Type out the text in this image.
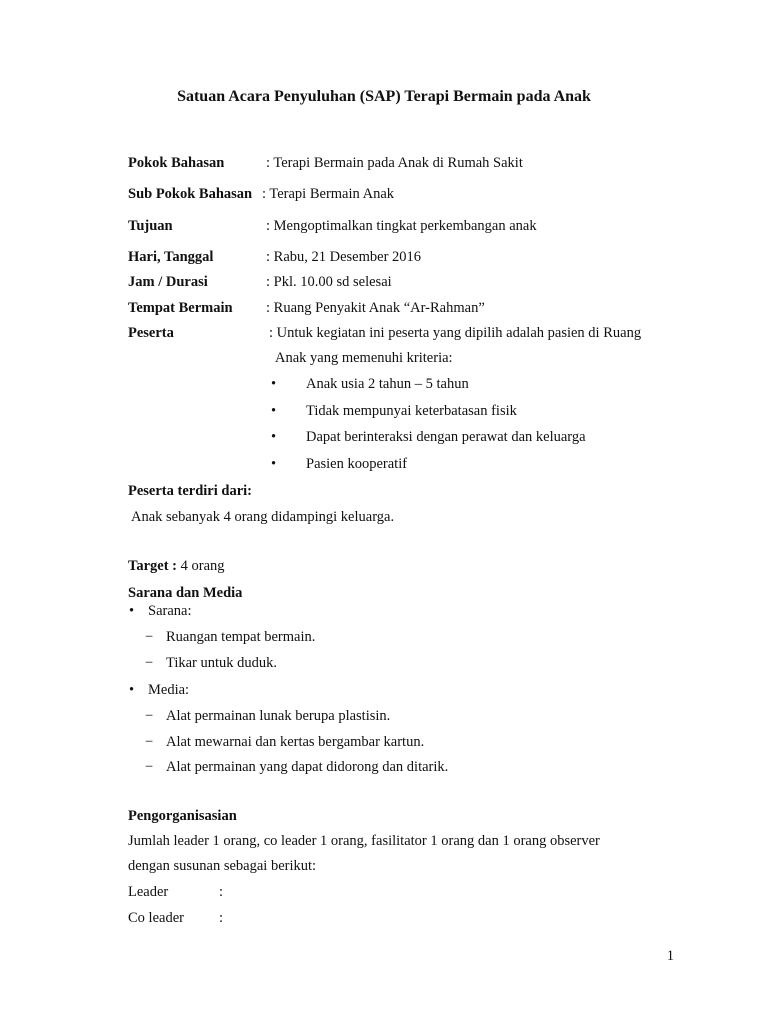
Satuan Acara Penyuluhan (SAP) Terapi Bermain pada Anak
Pokok Bahasan	: Terapi Bermain pada Anak di Rumah Sakit
Sub Pokok Bahasan : Terapi Bermain Anak
Tujuan	: Mengoptimalkan tingkat perkembangan anak
Hari, Tanggal	: Rabu, 21 Desember 2016
Jam / Durasi	: Pkl. 10.00 sd selesai
Tempat Bermain : Ruang Penyakit Anak “Ar-Rahman”
Peserta	: Untuk kegiatan ini peserta yang dipilih adalah pasien di Ruang
Anak yang memenuhi kriteria:
• Anak usia 2 tahun – 5 tahun
• Tidak mempunyai keterbatasan fisik
• Dapat berinteraksi dengan perawat dan keluarga
• Pasien kooperatif
Peserta terdiri dari:
Anak sebanyak 4 orang didampingi keluarga.
Target : 4 orang
Sarana dan Media
• Sarana:
− Ruangan tempat bermain.
− Tikar untuk duduk.
• Media:
− Alat permainan lunak berupa plastisin.
− Alat mewarnai dan kertas bergambar kartun.
− Alat permainan yang dapat didorong dan ditarik.
Pengorganisasian
Jumlah leader 1 orang, co leader 1 orang, fasilitator 1 orang dan 1 orang observer
dengan susunan sebagai berikut:
Leader	:
Co leader :
1
